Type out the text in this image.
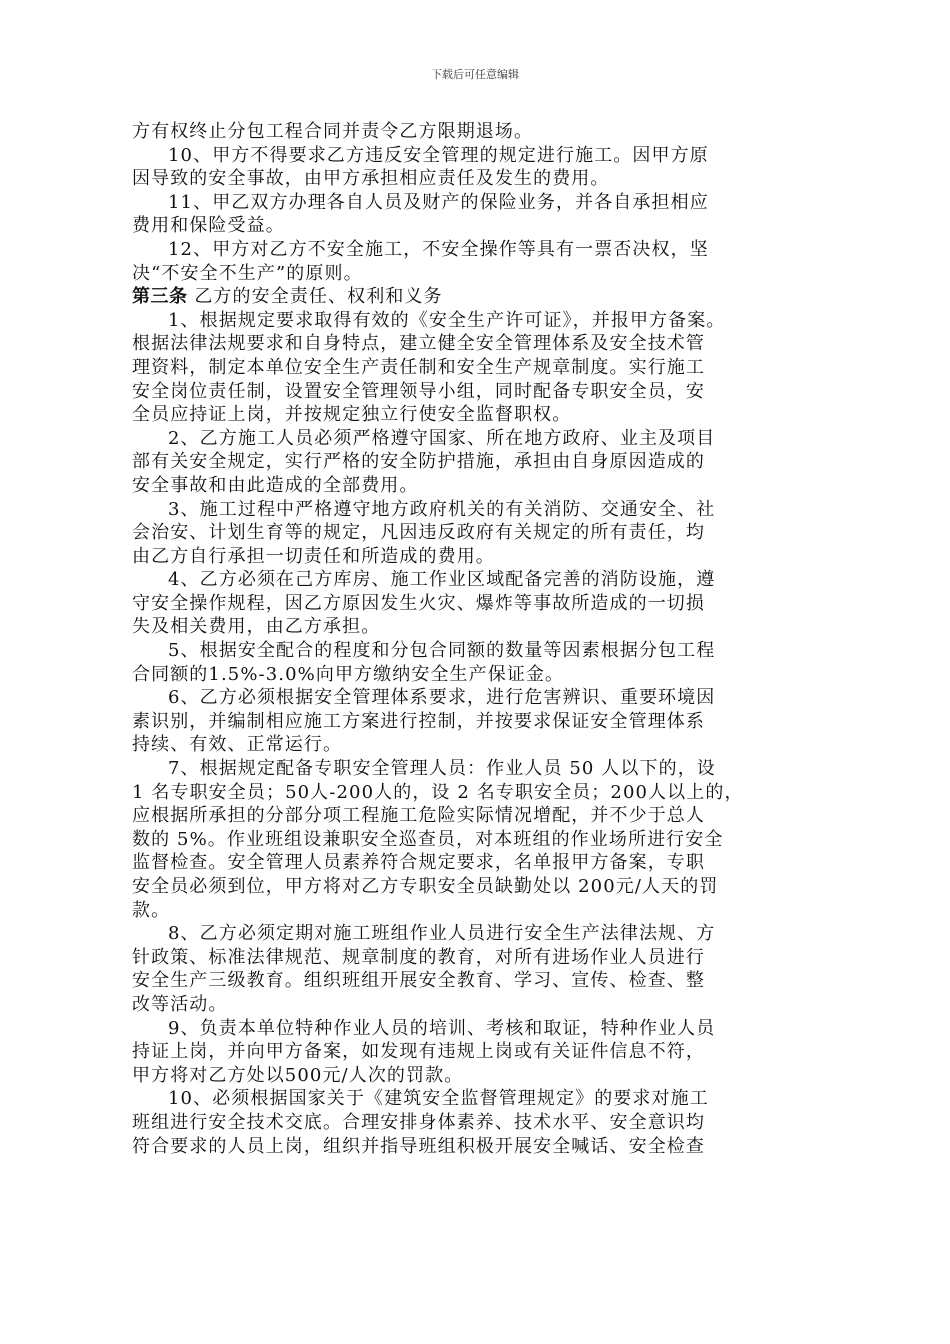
下载后可任意编辑
方有权终止分包工程合同并责令乙方限期退场。
10、甲方不得要求乙方违反安全管理的规定进行施工。因甲方原
因导致的安全事故，由甲方承担相应责任及发生的费用。
11、甲乙双方办理各自人员及财产的保险业务，并各自承担相应
费用和保险受益。
12、甲方对乙方不安全施工，不安全操作等具有一票否决权，坚
决“不安全不生产”的原则。
第三条 乙方的安全责任、权利和义务
1、根据规定要求取得有效的《安全生产许可证》，并报甲方备案。
根据法律法规要求和自身特点，建立健全安全管理体系及安全技术管
理资料，制定本单位安全生产责任制和安全生产规章制度。实行施工
安全岗位责任制，设置安全管理领导小组，同时配备专职安全员，安
全员应持证上岗，并按规定独立行使安全监督职权。
2、乙方施工人员必须严格遵守国家、所在地方政府、业主及项目
部有关安全规定，实行严格的安全防护措施，承担由自身原因造成的
安全事故和由此造成的全部费用。
3、施工过程中严格遵守地方政府机关的有关消防、交通安全、社
会治安、计划生育等的规定，凡因违反政府有关规定的所有责任，均
由乙方自行承担一切责任和所造成的费用。
4、乙方必须在己方库房、施工作业区域配备完善的消防设施，遵
守安全操作规程，因乙方原因发生火灾、爆炸等事故所造成的一切损
失及相关费用，由乙方承担。
5、根据安全配合的程度和分包合同额的数量等因素根据分包工程
合同额的1.5%-3.0%向甲方缴纳安全生产保证金。
6、乙方必须根据安全管理体系要求，进行危害辨识、重要环境因
素识别，并编制相应施工方案进行控制，并按要求保证安全管理体系
持续、有效、正常运行。
7、根据规定配备专职安全管理人员：作业人员 50 人以下的，设
1 名专职安全员；50人-200人的，设 2 名专职安全员；200人以上的，
应根据所承担的分部分项工程施工危险实际情况增配，并不少于总人
数的 5%。作业班组设兼职安全巡查员，对本班组的作业场所进行安全
监督检查。安全管理人员素养符合规定要求，名单报甲方备案，专职
安全员必须到位，甲方将对乙方专职安全员缺勤处以 200元/人天的罚
款。
8、乙方必须定期对施工班组作业人员进行安全生产法律法规、方
针政策、标准法律规范、规章制度的教育，对所有进场作业人员进行
安全生产三级教育。组织班组开展安全教育、学习、宣传、检查、整
改等活动。
9、负责本单位特种作业人员的培训、考核和取证，特种作业人员
持证上岗，并向甲方备案，如发现有违规上岗或有关证件信息不符，
甲方将对乙方处以500元/人次的罚款。
10、必须根据国家关于《建筑安全监督管理规定》的要求对施工
班组进行安全技术交底。合理安排身体素养、技术水平、安全意识均
符合要求的人员上岗，组织并指导班组积极开展安全喊话、安全检查
